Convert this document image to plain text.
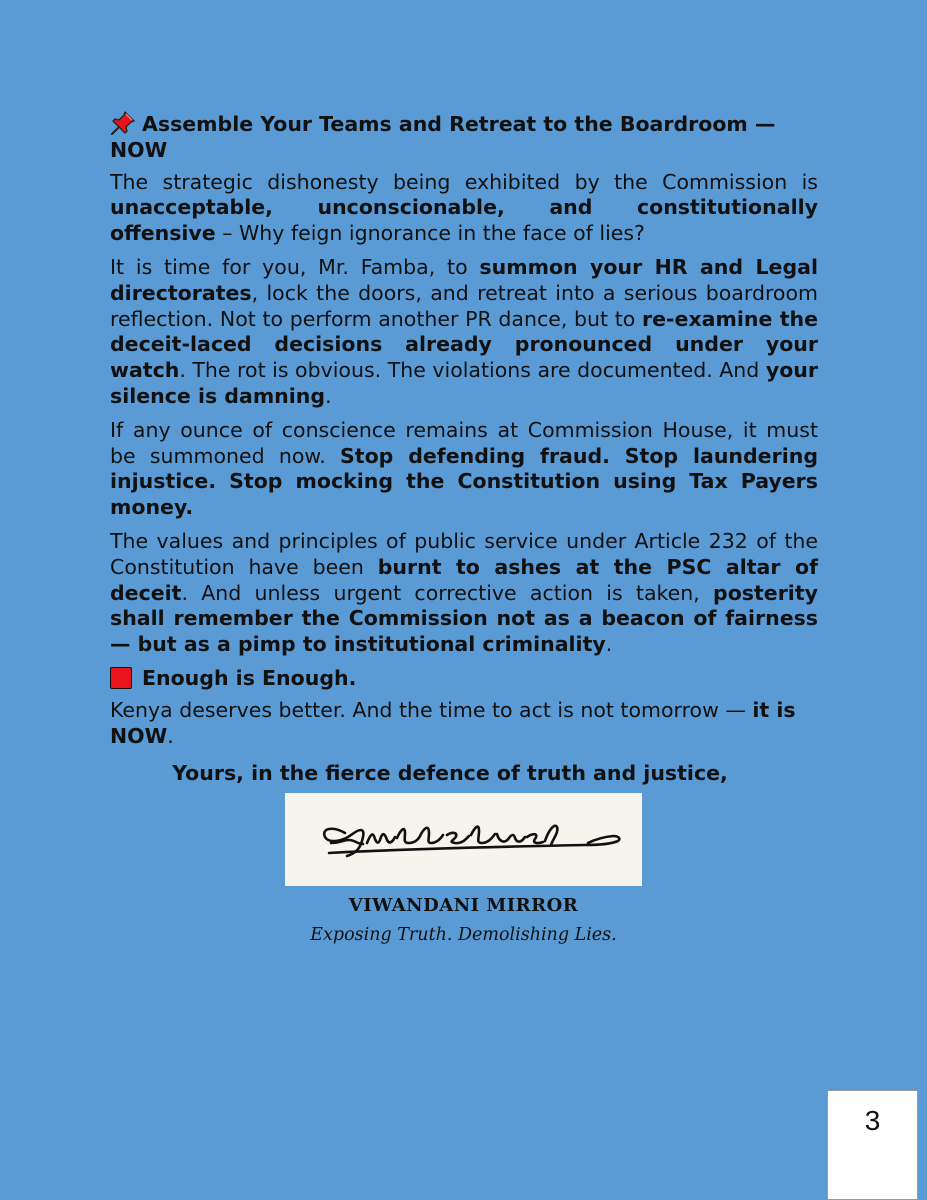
Assemble Your Teams and Retreat to the Boardroom — NOW

The strategic dishonesty being exhibited by the Commission is unacceptable, unconscionable, and constitutionally offensive – Why feign ignorance in the face of lies?

It is time for you, Mr. Famba, to summon your HR and Legal directorates, lock the doors, and retreat into a serious boardroom reflection. Not to perform another PR dance, but to re-examine the deceit-laced decisions already pronounced under your watch. The rot is obvious. The violations are documented. And your silence is damning.

If any ounce of conscience remains at Commission House, it must be summoned now. Stop defending fraud. Stop laundering injustice. Stop mocking the Constitution using Tax Payers money.

The values and principles of public service under Article 232 of the Constitution have been burnt to ashes at the PSC altar of deceit. And unless urgent corrective action is taken, posterity shall remember the Commission not as a beacon of fairness — but as a pimp to institutional criminality.

Enough is Enough.

Kenya deserves better. And the time to act is not tomorrow — it is NOW.

Yours, in the fierce defence of truth and justice,

VIWANDANI MIRROR
Exposing Truth. Demolishing Lies.
3
